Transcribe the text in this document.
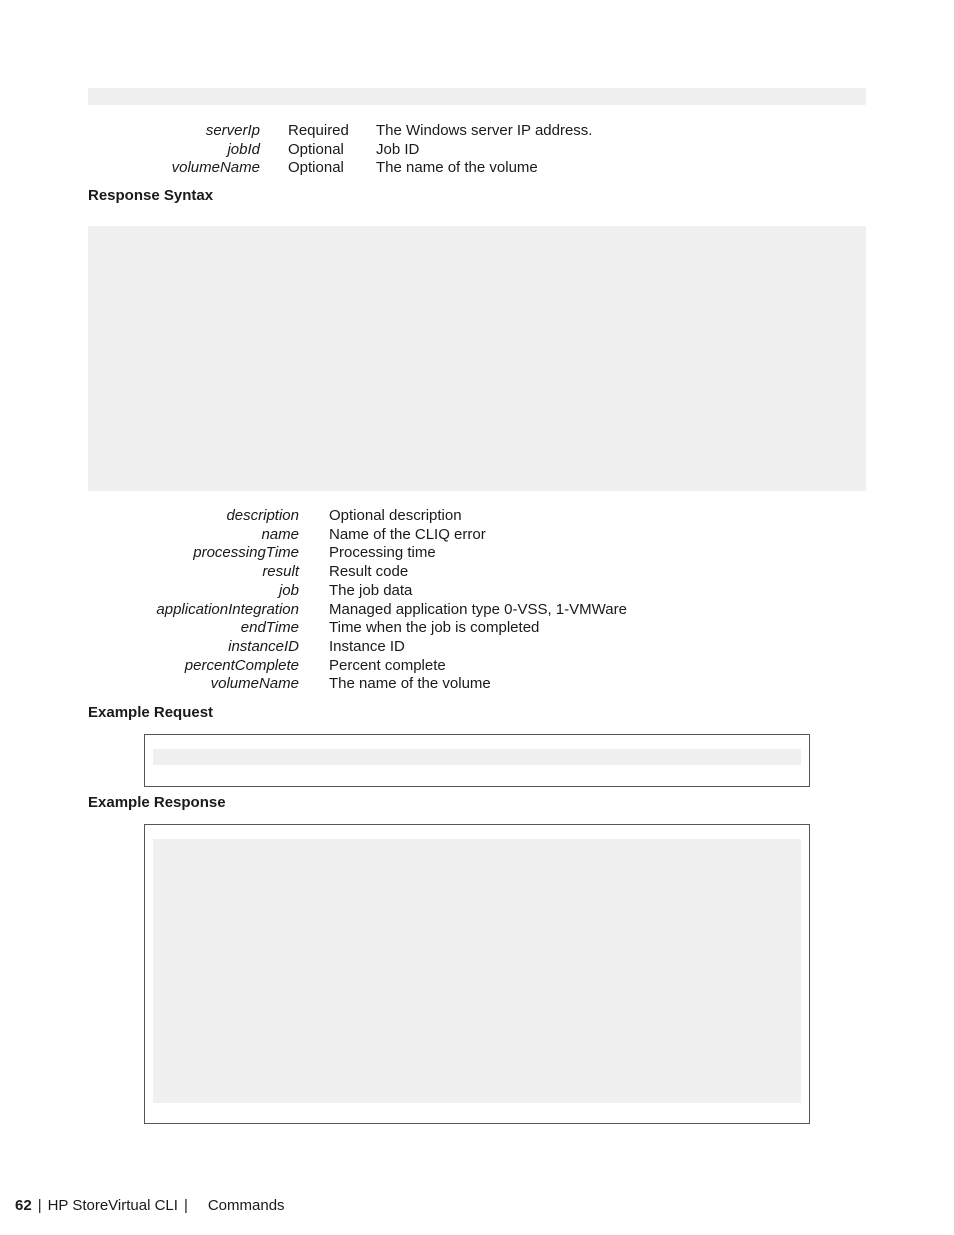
serverIp Required	The Windows server IP address.
jobId Optional	Job ID
volumeName Optional	The name of the volume
Response Syntax
description Optional description
name Name of the CLIQ error
processingTime Processing time
result Result code
job The job data
applicationIntegration Managed application type 0-VSS, 1-VMWare
endTime Time when the job is completed
instanceID Instance ID
percentComplete Percent complete
volumeName The name of the volume
Example Request
Example Response
62 | HP StoreVirtual CLI | Commands
